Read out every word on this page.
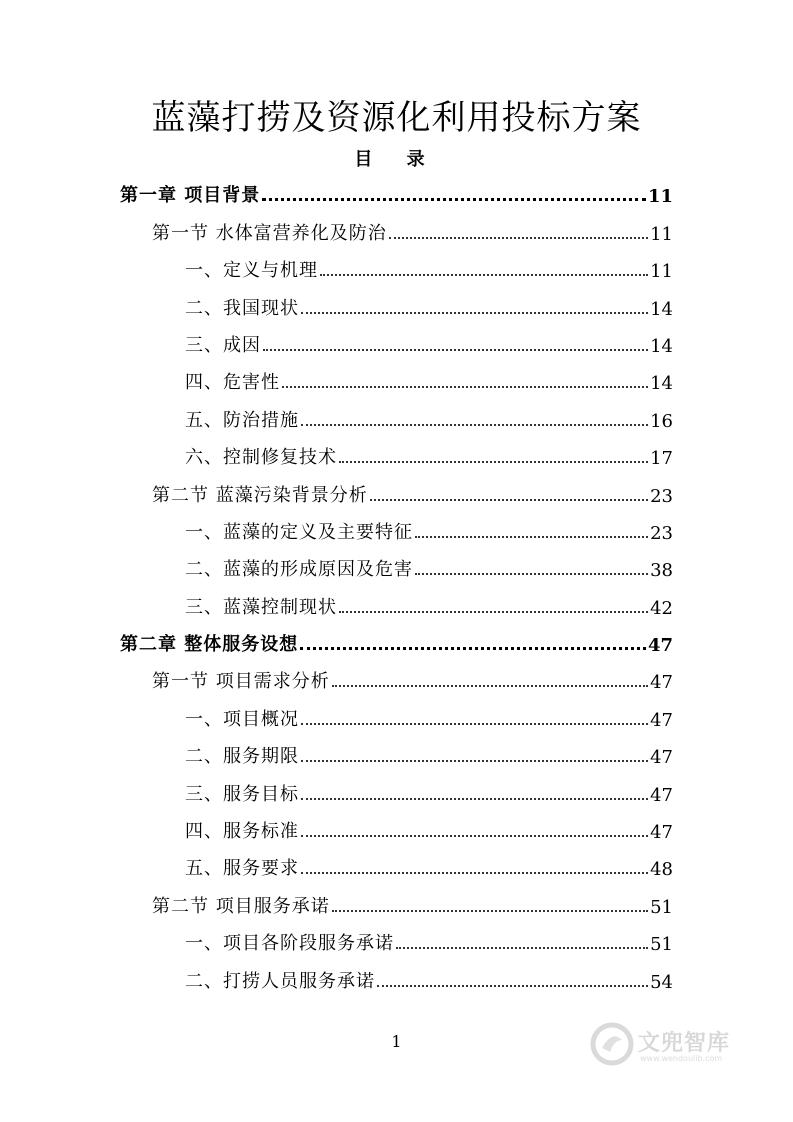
蓝藻打捞及资源化利用投标方案
目 录
第一章 项目背景	11
第一节 水体富营养化及防治	11
一、定义与机理	11
二、我国现状	14
三、成因	14
四、危害性	14
五、防治措施	16
六、控制修复技术	17
第二节 蓝藻污染背景分析	23
一、蓝藻的定义及主要特征	23
二、蓝藻的形成原因及危害	38
三、蓝藻控制现状	42
第二章 整体服务设想	47
第一节 项目需求分析	47
一、项目概况	47
二、服务期限	47
三、服务目标	47
四、服务标准	47
五、服务要求	48
第二节 项目服务承诺	51
一、项目各阶段服务承诺	51
二、打捞人员服务承诺	54
1	文兜智库
www.wendoulib.com
